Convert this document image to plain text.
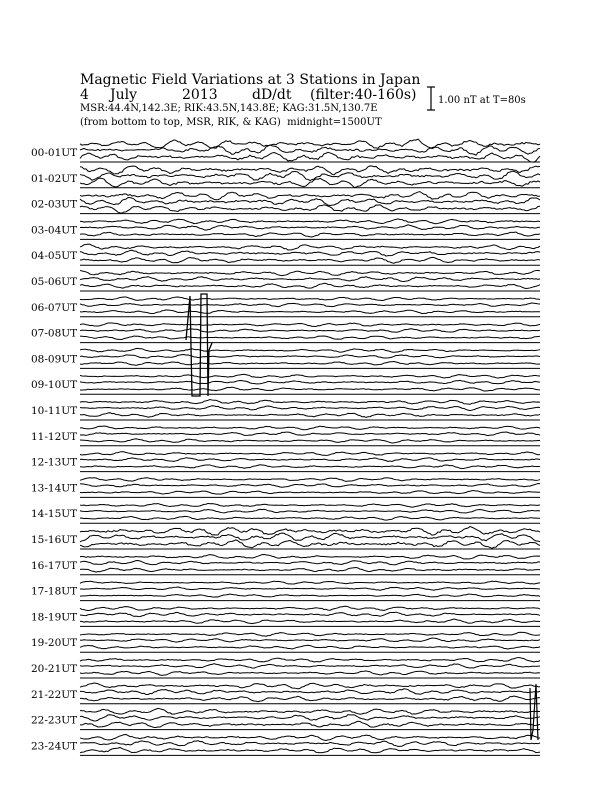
Magnetic Field Variations at 3 Stations in Japan
4 July	2013 dD/dt (filter:40-160s)
MSR:44.4N,142.3E; RIK:43.5N,143.8E; KAG:31.5N,130.7E
(from bottom to top, MSR, RIK, & KAG) midnight=1500UT
1.00 nT at T=80s
00-01UT
01-02UT
02-03UT
03-04UT
04-05UT
05-06UT
06-07UT
07-08UT
08-09UT
09-10UT
10-11UT
11-12UT
12-13UT
13-14UT
14-15UT
15-16UT
16-17UT
17-18UT
18-19UT
19-20UT
20-21UT
21-22UT
22-23UT
23-24UT
